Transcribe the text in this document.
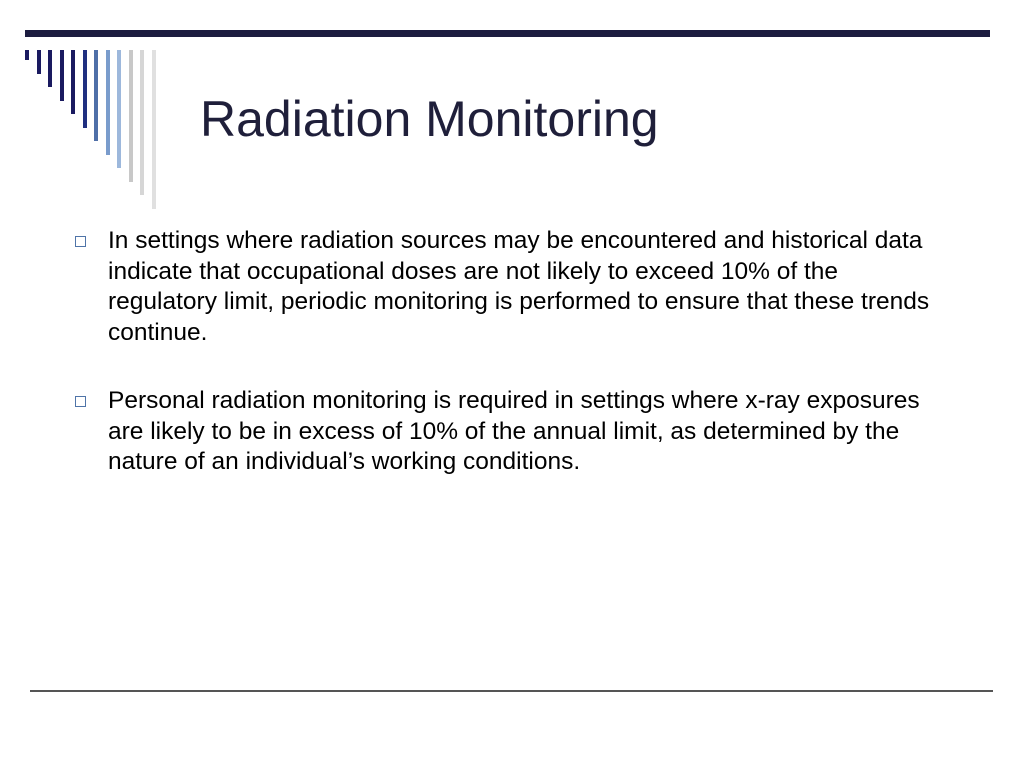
Radiation Monitoring
In settings where radiation sources may be encountered and historical data indicate that occupational doses are not likely to exceed 10% of the regulatory limit, periodic monitoring is performed to ensure that these trends continue.
Personal radiation monitoring is required in settings where x-ray exposures are likely to be in excess of 10% of the annual limit, as determined by the nature of an individual’s working conditions.
